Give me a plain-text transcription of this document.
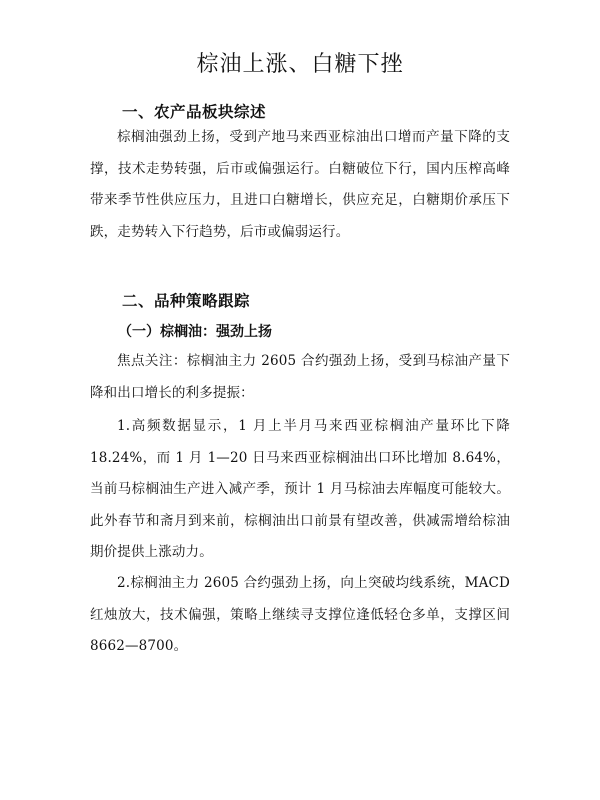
棕油上涨、白糖下挫
一、农产品板块综述
棕榈油强劲上扬，受到产地马来西亚棕油出口增而产量下降的支撑，技术走势转强，后市或偏强运行。白糖破位下行，国内压榨高峰带来季节性供应压力，且进口白糖增长，供应充足，白糖期价承压下跌，走势转入下行趋势，后市或偏弱运行。
二、品种策略跟踪
（一）棕榈油：强劲上扬
焦点关注：棕榈油主力 2605 合约强劲上扬，受到马棕油产量下降和出口增长的利多提振：
1.高频数据显示，1 月上半月马来西亚棕榈油产量环比下降 18.24%，而 1 月 1—20 日马来西亚棕榈油出口环比增加 8.64%，当前马棕榈油生产进入减产季，预计 1 月马棕油去库幅度可能较大。此外春节和斋月到来前，棕榈油出口前景有望改善，供减需增给棕油期价提供上涨动力。
2.棕榈油主力 2605 合约强劲上扬，向上突破均线系统，MACD 红烛放大，技术偏强，策略上继续寻支撑位逢低轻仓多单，支撑区间 8662—8700。
